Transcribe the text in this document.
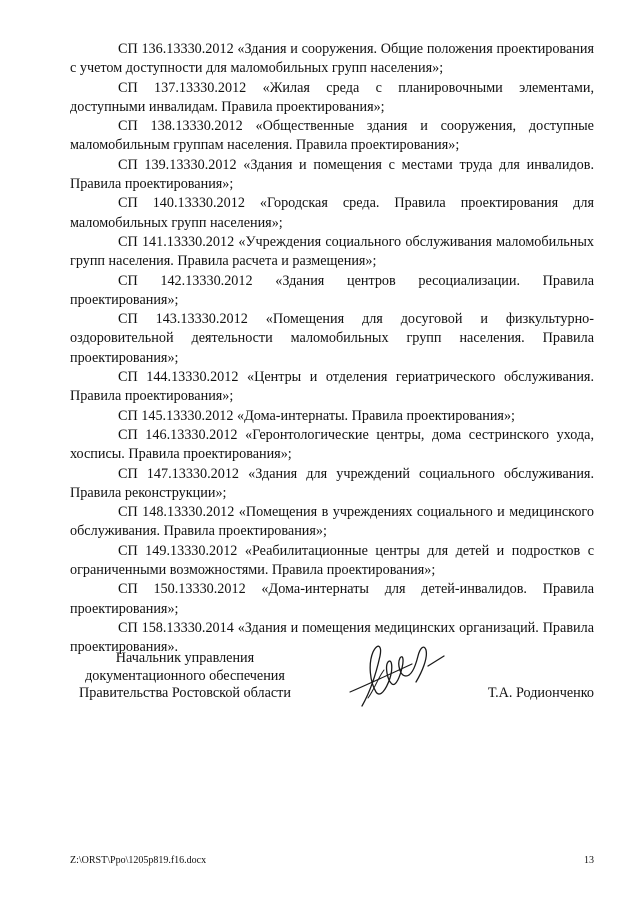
СП 136.13330.2012 «Здания и сооружения. Общие положения проектирования с учетом доступности для маломобильных групп населения»;

СП 137.13330.2012 «Жилая среда с планировочными элементами, доступными инвалидам. Правила проектирования»;

СП 138.13330.2012 «Общественные здания и сооружения, доступные маломобильным группам населения. Правила проектирования»;

СП 139.13330.2012 «Здания и помещения с местами труда для инвалидов. Правила проектирования»;

СП 140.13330.2012 «Городская среда. Правила проектирования для маломобильных групп населения»;

СП 141.13330.2012 «Учреждения социального обслуживания маломобильных групп населения. Правила расчета и размещения»;

СП 142.13330.2012 «Здания центров ресоциализации. Правила проектирования»;

СП 143.13330.2012 «Помещения для досуговой и физкультурно-оздоровительной деятельности маломобильных групп населения. Правила проектирования»;

СП 144.13330.2012 «Центры и отделения гериатрического обслуживания. Правила проектирования»;

СП 145.13330.2012 «Дома-интернаты. Правила проектирования»;

СП 146.13330.2012 «Геронтологические центры, дома сестринского ухода, хосписы. Правила проектирования»;

СП 147.13330.2012 «Здания для учреждений социального обслуживания. Правила реконструкции»;

СП 148.13330.2012 «Помещения в учреждениях социального и медицинского обслуживания. Правила проектирования»;

СП 149.13330.2012 «Реабилитационные центры для детей и подростков с ограниченными возможностями. Правила проектирования»;

СП 150.13330.2012 «Дома-интернаты для детей-инвалидов. Правила проектирования»;

СП 158.13330.2014 «Здания и помещения медицинских организаций. Правила проектирования».

Начальник управления
документационного обеспечения
Правительства Ростовской области	Т.А. Родионченко
Z:\ORST\Ppo\1205p819.f16.docx	13
